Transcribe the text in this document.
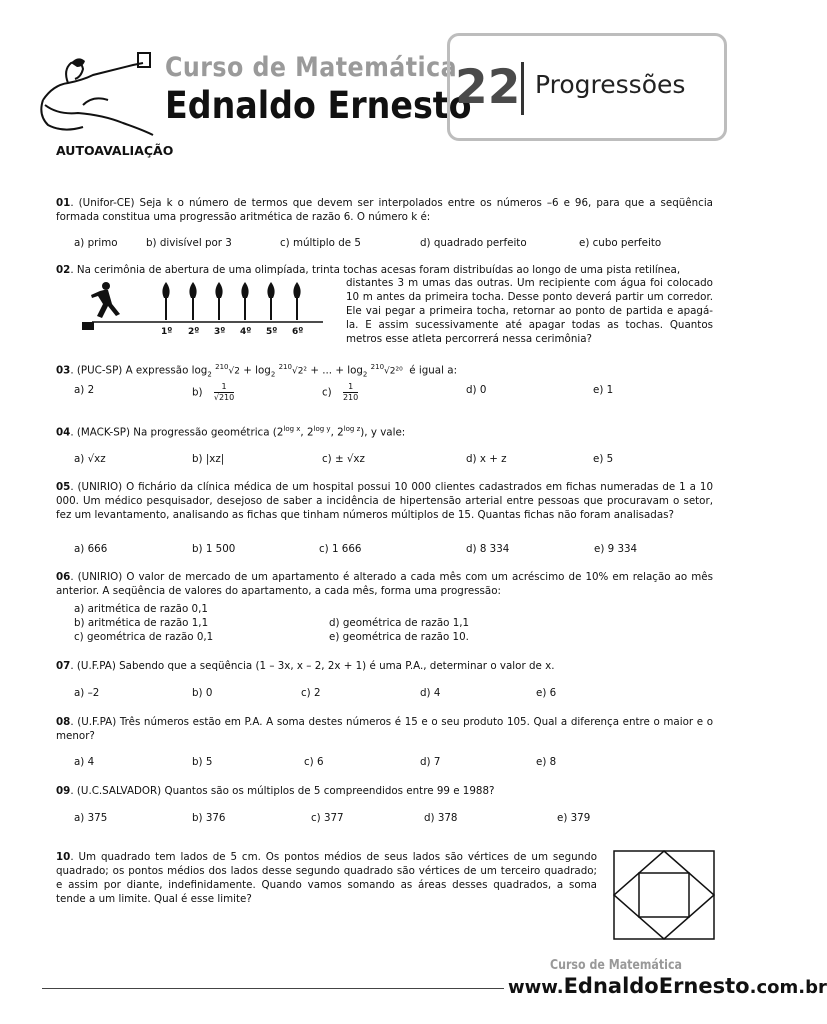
Curso de Matemática
Ednaldo Ernesto
AUTOAVALIAÇÃO
22 Progressões
01. (Unifor-CE) Seja k o número de termos que devem ser interpolados entre os números –6 e 96, para que a seqüência formada constitua uma progressão aritmética de razão 6. O número k é:
a) primo	b) divisível por 3	c) múltiplo de 5	d) quadrado perfeito	e) cubo perfeito
02. Na cerimônia de abertura de uma olimpíada, trinta tochas acesas foram distribuídas ao longo de uma pista retilínea,
distantes 3 m umas das outras. Um recipiente com água foi colocado 10 m antes da primeira tocha. Desse ponto deverá partir um corredor. Ele vai pegar a primeira tocha, retornar ao ponto de partida e apagá-la. E assim sucessivamente até apagar todas as tochas. Quantos metros esse atleta percorrerá nessa cerimônia?
1º 2º 3º 4º 5º 6º
03. (PUC-SP) A expressão $\log_2 ^{210}√2 + \log_2 ^{210}√2^2$ + ... + $\log_2 ^{210}√2^{20}$ é igual a:
a) 2	$b) \frac{1}{√210}$	$c) \frac{1}{210}$	d) 0	e) 1
04. (MACK-SP) Na progressão geométrica ($2^{log x}$, $2^{log y}$, $2^{log z}$), y vale:
a) √xz	b) |xz|	c) ± √xz	d) x + z	e) 5
05. (UNIRIO) O fichário da clínica médica de um hospital possui 10 000 clientes cadastrados em fichas numeradas de 1 a 10 000. Um médico pesquisador, desejoso de saber a incidência de hipertensão arterial entre pessoas que procuravam o setor, fez um levantamento, analisando as fichas que tinham números múltiplos de 15. Quantas fichas não foram analisadas?
a) 666	b) 1 500	c) 1 666	d) 8 334	e) 9 334
06. (UNIRIO) O valor de mercado de um apartamento é alterado a cada mês com um acréscimo de 10% em relação ao mês anterior. A seqüência de valores do apartamento, a cada mês, forma uma progressão:
a) aritmética de razão 0,1
b) aritmética de razão 1,1
c) geométrica de razão 0,1
d) geométrica de razão 1,1
e) geométrica de razão 10.
07. (U.F.PA) Sabendo que a seqüência (1 – 3x, x – 2, 2x + 1) é uma P.A., determinar o valor de x.
a) –2	b) 0	c) 2	d) 4	e) 6
08. (U.F.PA) Três números estão em P.A. A soma destes números é 15 e o seu produto 105. Qual a diferença entre o maior e o menor?
a) 4	b) 5	c) 6	d) 7	e) 8
09. (U.C.SALVADOR) Quantos são os múltiplos de 5 compreendidos entre 99 e 1988?
a) 375	b) 376	c) 377	d) 378	e) 379
10. Um quadrado tem lados de 5 cm. Os pontos médios de seus lados são vértices de um segundo quadrado; os pontos médios dos lados desse segundo quadrado são vértices de um terceiro quadrado; e assim por diante, indefinidamente. Quando vamos somando as áreas desses quadrados, a soma tende a um limite. Qual é esse limite?
Curso de Matemática
www.EdnaldoErnesto.com.br
